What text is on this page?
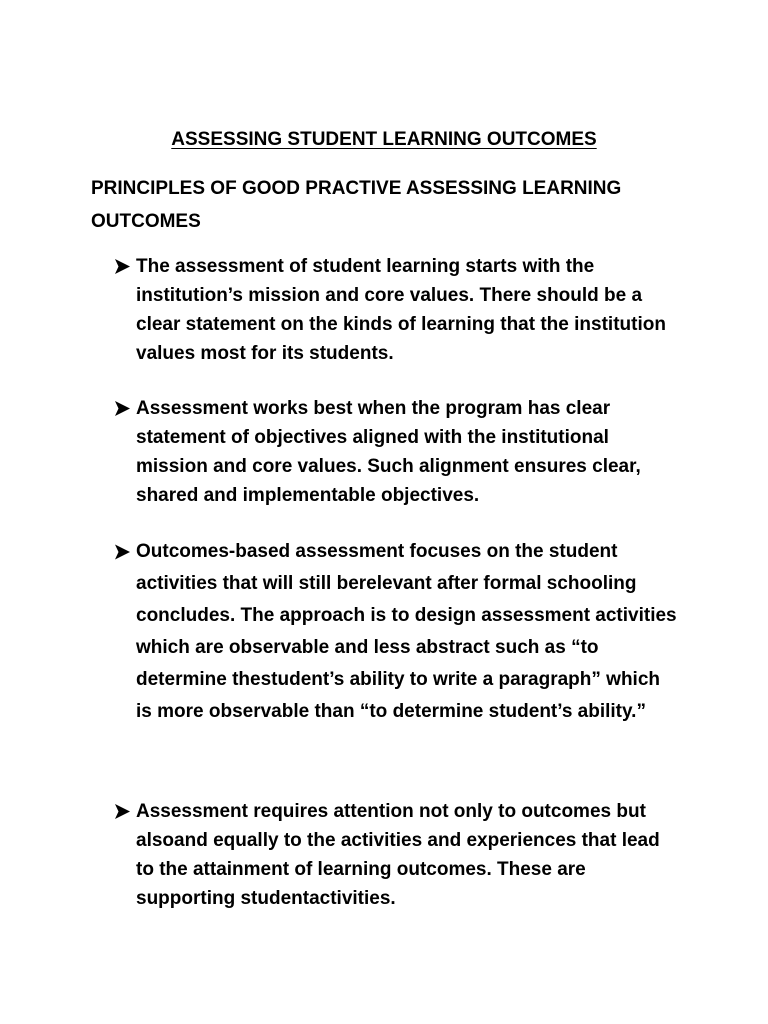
ASSESSING STUDENT LEARNING OUTCOMES
PRINCIPLES OF GOOD PRACTIVE ASSESSING LEARNING OUTCOMES
The assessment of student learning starts with the institution’s mission and core values. There should be a clear statement on the kinds of learning that the institution values most for its students.
Assessment works best when the program has clear statement of objectives aligned with the institutional mission and core values. Such alignment ensures clear, shared and implementable objectives.
Outcomes-based assessment focuses on the student activities that will still berelevant after formal schooling concludes. The approach is to design assessment activities which are observable and less abstract such as “to determine thestudent’s ability to write a paragraph” which is more observable than “to determine student’s ability.”
Assessment requires attention not only to outcomes but alsoand equally to the activities and experiences that lead to the attainment of learning outcomes. These are supporting studentactivities.
